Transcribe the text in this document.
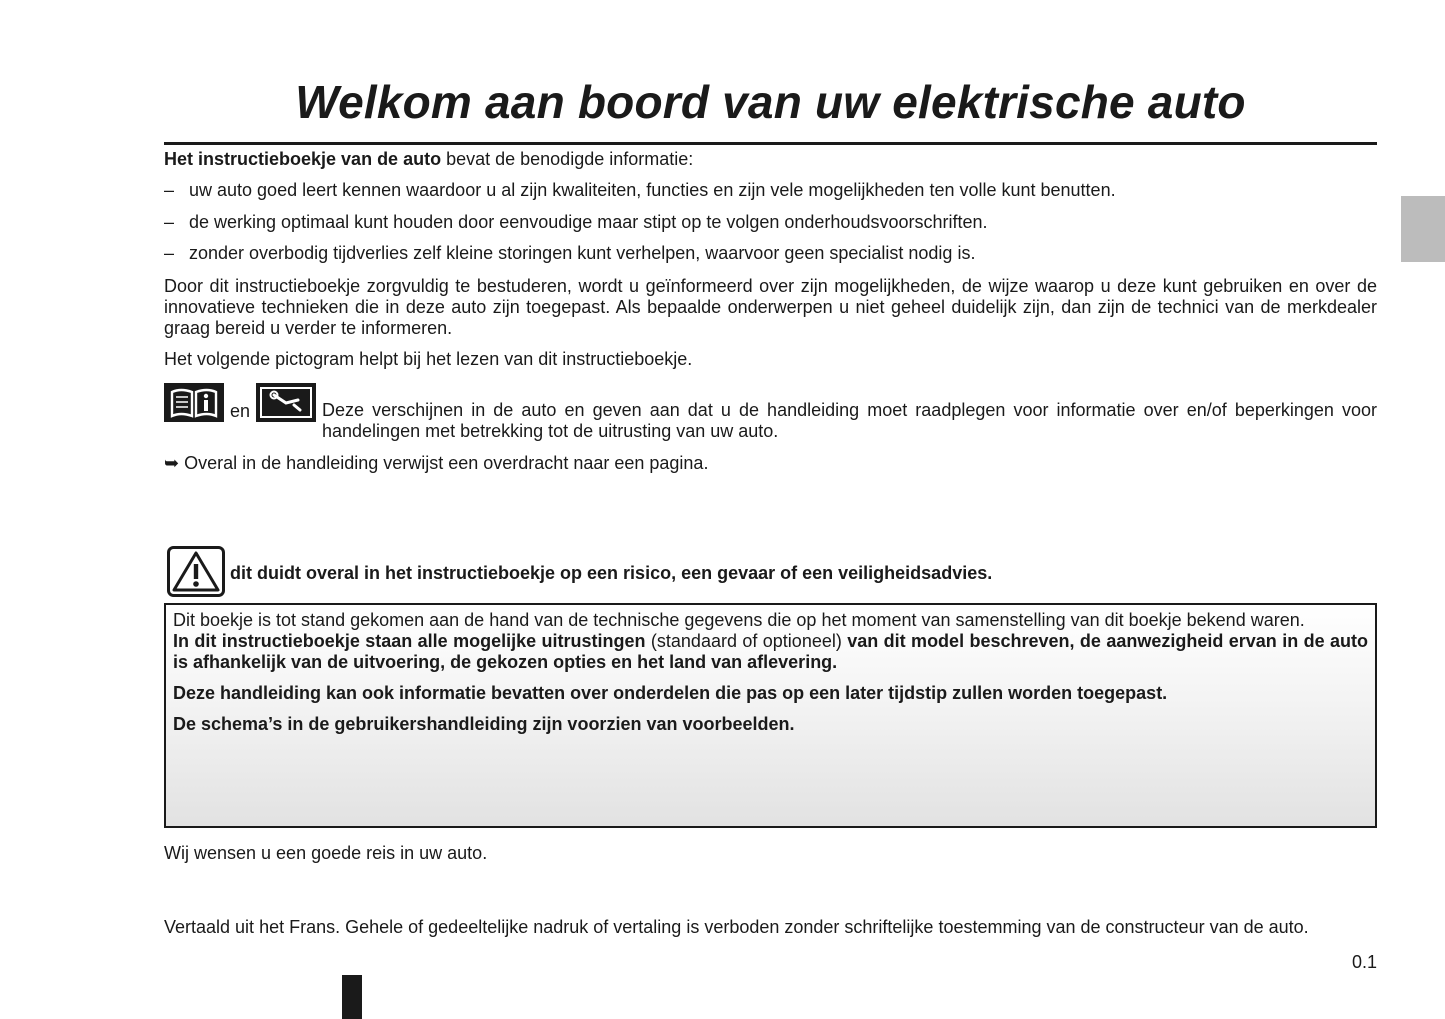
Welkom aan boord van uw elektrische auto
Het instructieboekje van de auto bevat de benodigde informatie:
– uw auto goed leert kennen waardoor u al zijn kwaliteiten, functies en zijn vele mogelijkheden ten volle kunt benutten.
– de werking optimaal kunt houden door eenvoudige maar stipt op te volgen onderhoudsvoorschriften.
– zonder overbodig tijdverlies zelf kleine storingen kunt verhelpen, waarvoor geen specialist nodig is.
Door dit instructieboekje zorgvuldig te bestuderen, wordt u geïnformeerd over zijn mogelijkheden, de wijze waarop u deze kunt gebruiken en over de innovatieve technieken die in deze auto zijn toegepast. Als bepaalde onderwerpen u niet geheel duidelijk zijn, dan zijn de technici van de merkdealer graag bereid u verder te informeren.
Het volgende pictogram helpt bij het lezen van dit instructieboekje.
en	Deze verschijnen in de auto en geven aan dat u de handleiding moet raadplegen voor informatie over en/of beperkingen voor handelingen met betrekking tot de uitrusting van uw auto.
➥ Overal in de handleiding verwijst een overdracht naar een pagina.
dit duidt overal in het instructieboekje op een risico, een gevaar of een veiligheidsadvies.

Dit boekje is tot stand gekomen aan de hand van de technische gegevens die op het moment van samenstelling van dit boekje bekend waren.

In dit instructieboekje staan alle mogelijke uitrustingen (standaard of optioneel) van dit model beschreven, de aanwezigheid ervan in de auto is afhankelijk van de uitvoering, de gekozen opties en het land van aflevering.

Deze handleiding kan ook informatie bevatten over onderdelen die pas op een later tijdstip zullen worden toegepast.

De schema’s in de gebruikershandleiding zijn voorzien van voorbeelden.

Wij wensen u een goede reis in uw auto.
Vertaald uit het Frans. Gehele of gedeeltelijke nadruk of vertaling is verboden zonder schriftelijke toestemming van de constructeur van de auto.
0.1
